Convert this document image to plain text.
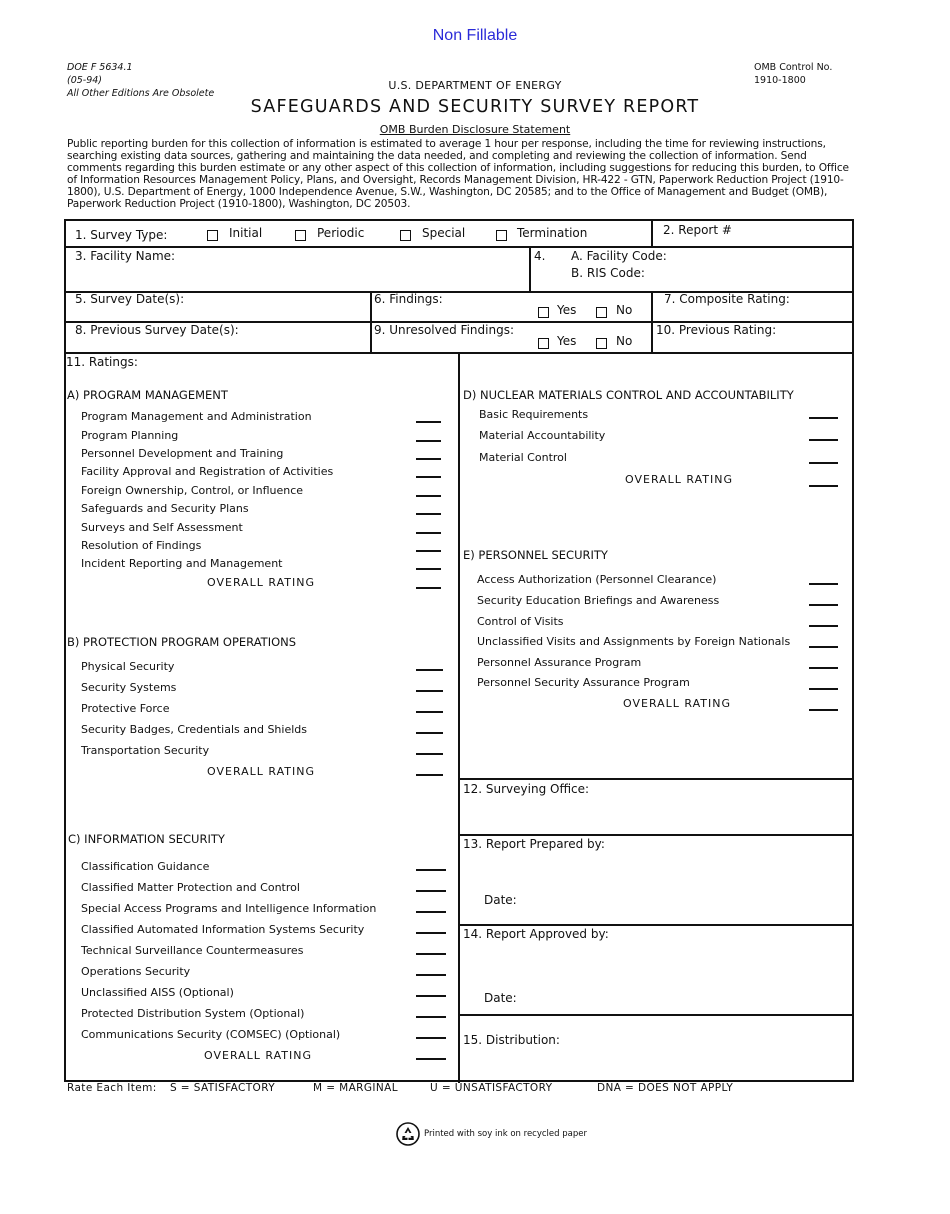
Non Fillable
DOE F 5634.1
(05-94)
All Other Editions Are Obsolete
OMB Control No.
1910-1800
U.S. DEPARTMENT OF ENERGY
SAFEGUARDS AND SECURITY SURVEY REPORT
OMB Burden Disclosure Statement
Public reporting burden for this collection of information is estimated to average 1 hour per response, including the time for reviewing instructions, searching existing data sources, gathering and maintaining the data needed, and completing and reviewing the collection of information. Send comments regarding this burden estimate or any other aspect of this collection of information, including suggestions for reducing this burden, to Office of Information Resources Management Policy, Plans, and Oversight, Records Management Division, HR-422 - GTN, Paperwork Reduction Project (1910-1800), U.S. Department of Energy, 1000 Independence Avenue, S.W., Washington, DC 20585; and to the Office of Management and Budget (OMB), Paperwork Reduction Project (1910-1800), Washington, DC 20503.
1. Survey Type:	Initial	Periodic	Special	Termination	2. Report #
3. Facility Name:	4. A. Facility Code:
B. RIS Code:
5. Survey Date(s):	6. Findings:
Yes	No
7. Composite Rating:
8. Previous Survey Date(s):	9. Unresolved Findings:
Yes	No
10. Previous Rating:
11. Ratings:
A) PROGRAM MANAGEMENT
Program Management and Administration
Program Planning
Personnel Development and Training
Facility Approval and Registration of Activities
Foreign Ownership, Control, or Influence
Safeguards and Security Plans
Surveys and Self Assessment
Resolution of Findings
Incident Reporting and Management
OVERALL RATING
B) PROTECTION PROGRAM OPERATIONS
Physical Security
Security Systems
Protective Force
Security Badges, Credentials and Shields
Transportation Security
OVERALL RATING
C) INFORMATION SECURITY
Classification Guidance
Classified Matter Protection and Control
Special Access Programs and Intelligence Information
Classified Automated Information Systems Security
Technical Surveillance Countermeasures
Operations Security
Unclassified AISS (Optional)
Protected Distribution System (Optional)
Communications Security (COMSEC) (Optional)
OVERALL RATING
D) NUCLEAR MATERIALS CONTROL AND ACCOUNTABILITY
Basic Requirements
Material Accountability
Material Control
OVERALL RATING
E) PERSONNEL SECURITY
Access Authorization (Personnel Clearance)
Security Education Briefings and Awareness
Control of Visits
Unclassified Visits and Assignments by Foreign Nationals
Personnel Assurance Program
Personnel Security Assurance Program
OVERALL RATING
12. Surveying Office:
13. Report Prepared by:
Date:
14. Report Approved by:
Date:
15. Distribution:
Rate Each Item: S = SATISFACTORY	M = MARGINAL	U = UNSATISFACTORY	DNA = DOES NOT APPLY
Printed with soy ink on recycled paper
